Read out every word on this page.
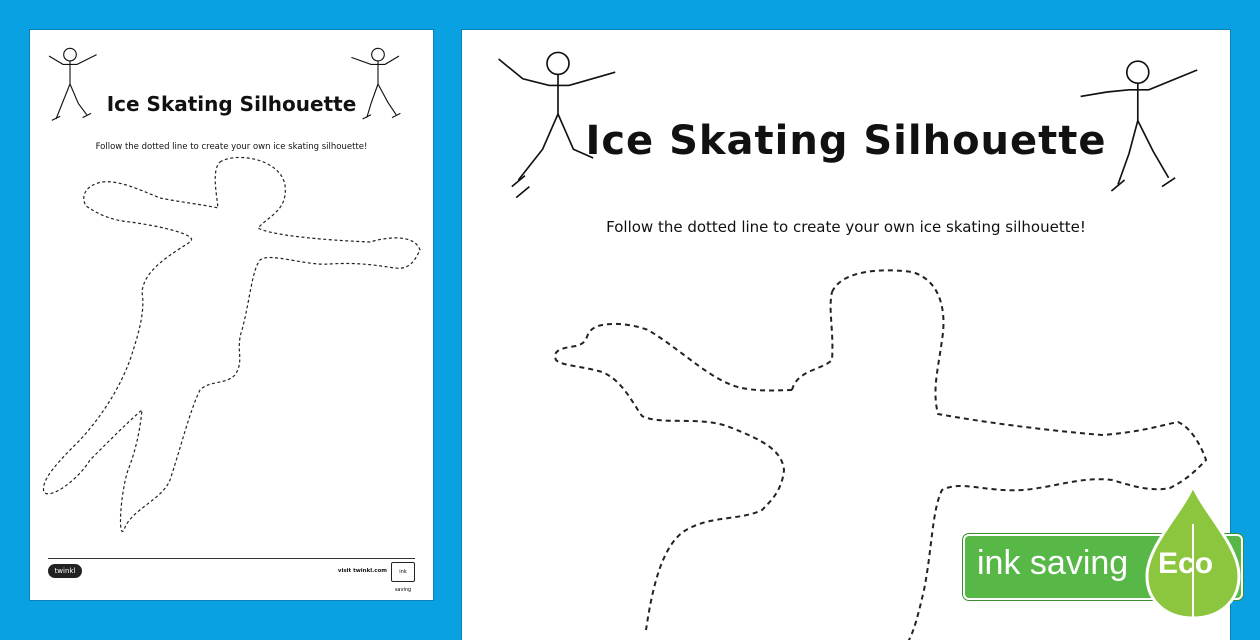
Ice Skating Silhouette
Follow the dotted line to create your own ice skating silhouette!
twinkl	visit twinkl.com	ink saving
Ice Skating Silhouette
Follow the dotted line to create your own ice skating silhouette!
ink saving Eco
